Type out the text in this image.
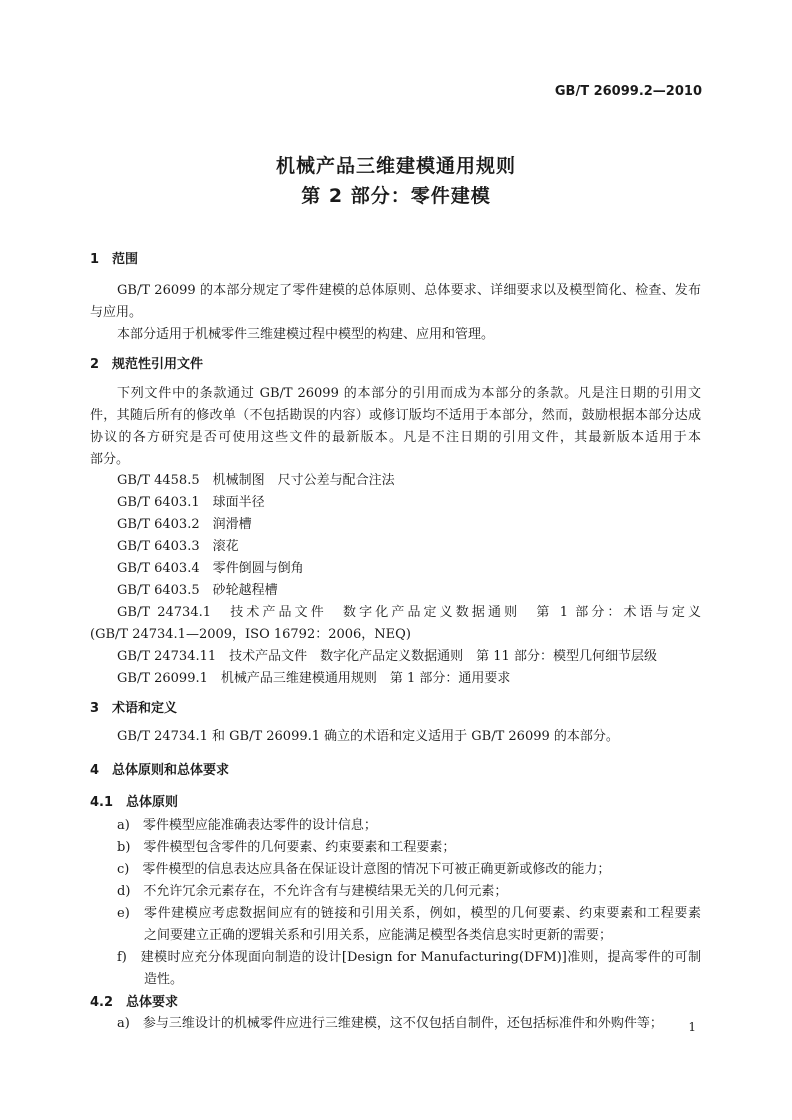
GB/T 26099.2—2010
机械产品三维建模通用规则
第 2 部分：零件建模
1　范围
GB/T 26099 的本部分规定了零件建模的总体原则、总体要求、详细要求以及模型简化、检查、发布
与应用。
本部分适用于机械零件三维建模过程中模型的构建、应用和管理。
2　规范性引用文件
下列文件中的条款通过 GB/T 26099 的本部分的引用而成为本部分的条款。凡是注日期的引用文
件，其随后所有的修改单（不包括勘误的内容）或修订版均不适用于本部分，然而，鼓励根据本部分达成
协议的各方研究是否可使用这些文件的最新版本。凡是不注日期的引用文件，其最新版本适用于本
部分。
GB/T 4458.5　机械制图　尺寸公差与配合注法
GB/T 6403.1　球面半径
GB/T 6403.2　润滑槽
GB/T 6403.3　滚花
GB/T 6403.4　零件倒圆与倒角
GB/T 6403.5　砂轮越程槽
GB/T 24734.1　技术产品文件　数字化产品定义数据通则　第 1 部分：术语与定义
(GB/T 24734.1—2009，ISO 16792：2006，NEQ)
GB/T 24734.11　技术产品文件　数字化产品定义数据通则　第 11 部分：模型几何细节层级
GB/T 26099.1　机械产品三维建模通用规则　第 1 部分：通用要求
3　术语和定义
GB/T 24734.1 和 GB/T 26099.1 确立的术语和定义适用于 GB/T 26099 的本部分。
4　总体原则和总体要求
4.1　总体原则
a)　零件模型应能准确表达零件的设计信息；
b)　零件模型包含零件的几何要素、约束要素和工程要素；
c)　零件模型的信息表达应具备在保证设计意图的情况下可被正确更新或修改的能力；
d)　不允许冗余元素存在，不允许含有与建模结果无关的几何元素；
e)　零件建模应考虑数据间应有的链接和引用关系，例如，模型的几何要素、约束要素和工程要素
之间要建立正确的逻辑关系和引用关系，应能满足模型各类信息实时更新的需要；
f)　建模时应充分体现面向制造的设计[Design for Manufacturing(DFM)]准则，提高零件的可制
造性。
4.2　总体要求
a)　参与三维设计的机械零件应进行三维建模，这不仅包括自制件，还包括标准件和外购件等； 1
